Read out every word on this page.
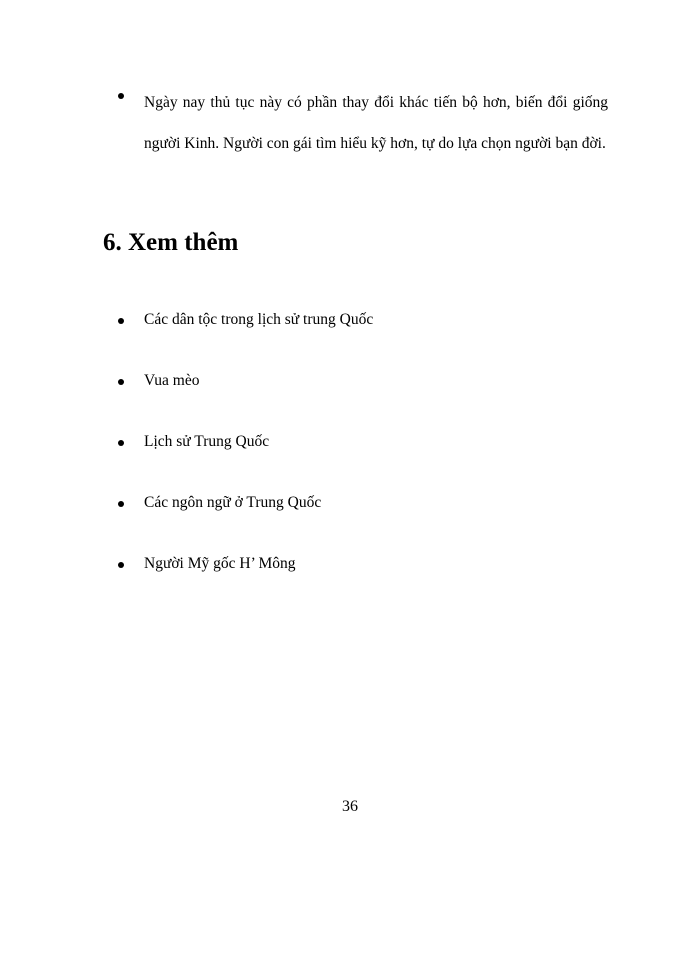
Ngày nay thủ tục này có phần thay đổi khác tiến bộ hơn, biến đổi giống người Kinh. Người con gái tìm hiểu kỹ hơn, tự do lựa chọn người bạn đời.
6. Xem thêm
Các dân tộc trong lịch sử trung Quốc
Vua mèo
Lịch sử Trung Quốc
Các ngôn ngữ ở Trung Quốc
Người Mỹ gốc H’ Mông
36
